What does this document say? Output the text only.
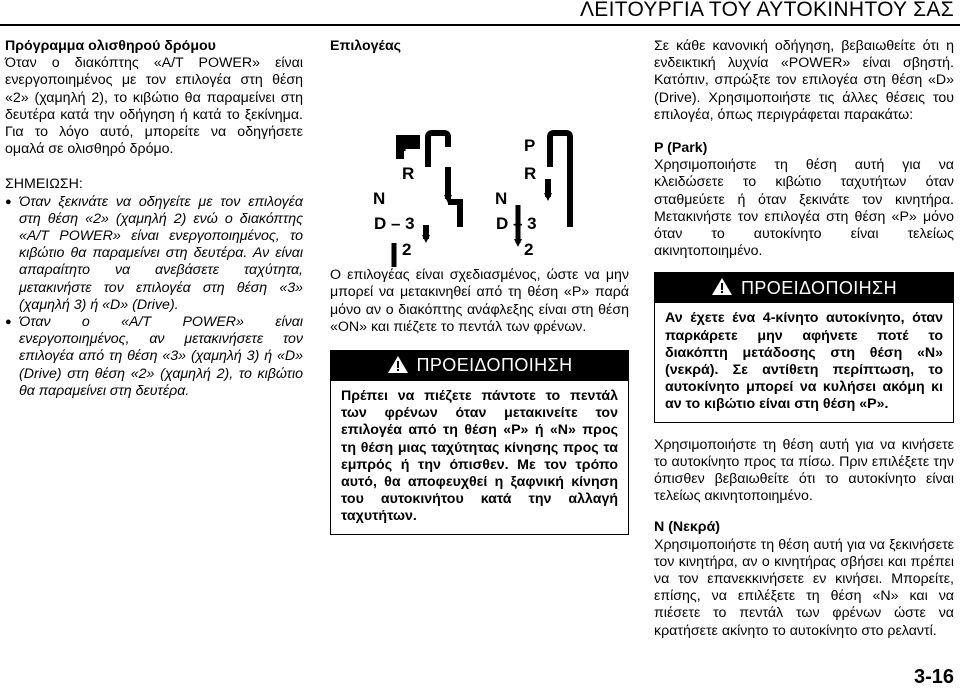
ΛΕΙΤΟΥΡΓΙΑ ΤΟΥ ΑΥΤΟΚΙΝΗΤΟΥ ΣΑΣ

Πρόγραμμα ολισθηρού δρόμου

Όταν ο διακόπτης «A/T POWER» είναι ενεργοποιημένος με τον επιλογέα στη θέση «2» (χαμηλή 2), το κιβώτιο θα παραμείνει στη δευτέρα κατά την οδήγηση ή κατά το ξεκίνημα. Για το λόγο αυτό, μπορείτε να οδηγήσετε ομαλά σε ολισθηρό δρόμο.

ΣΗΜΕΙΩΣΗ:

● Όταν ξεκινάτε να οδηγείτε με τον επιλογέα στη θέση «2» (χαμηλή 2) ενώ ο διακόπτης «A/T POWER» είναι ενεργοποιημένος, το κιβώτιο θα παραμείνει στη δευτέρα. Αν είναι απαραίτητο να ανεβάσετε ταχύτητα, μετακινήστε τον επιλογέα στη θέση «3» (χαμηλή 3) ή «D» (Drive).
● Όταν ο «A/T POWER» είναι ενεργοποιημένος, αν μετακινήσετε τον επιλογέα από τη θέση «3» (χαμηλή 3) ή «D» (Drive) στη θέση «2» (χαμηλή 2), το κιβώτιο θα παραμείνει στη δευτέρα.

Επιλογέας

P
R
N
D – 3
2
P
R
N
D – 3
2

Ο επιλογέας είναι σχεδιασμένος, ώστε να μην μπορεί να μετακινηθεί από τη θέση «P» παρά μόνο αν ο διακόπτης ανάφλεξης είναι στη θέση «ON» και πιέζετε το πεντάλ των φρένων.

ΠΡΟΕΙΔΟΠΟΙΗΣΗ

Πρέπει να πιέζετε πάντοτε το πεντάλ των φρένων όταν μετακινείτε τον επιλογέα από τη θέση «P» ή «N» προς τη θέση μιας ταχύτητας κίνησης προς τα εμπρός ή την όπισθεν. Με τον τρόπο αυτό, θα αποφευχθεί η ξαφνική κίνηση του αυτοκινήτου κατά την αλλαγή ταχυτήτων.

Σε κάθε κανονική οδήγηση, βεβαιωθείτε ότι η ενδεικτική λυχνία «POWER» είναι σβηστή. Κατόπιν, σπρώξτε τον επιλογέα στη θέση «D» (Drive). Χρησιμοποιήστε τις άλλες θέσεις του επιλογέα, όπως περιγράφεται παρακάτω:

P (Park)

Χρησιμοποιήστε τη θέση αυτή για να κλειδώσετε το κιβώτιο ταχυτήτων όταν σταθμεύετε ή όταν ξεκινάτε τον κινητήρα. Μετακινήστε τον επιλογέα στη θέση «P» μόνο όταν το αυτοκίνητο είναι τελείως ακινητοποιημένο.

ΠΡΟΕΙΔΟΠΟΙΗΣΗ

Αν έχετε ένα 4-κίνητο αυτοκίνητο, όταν παρκάρετε μην αφήνετε ποτέ το διακόπτη μετάδοσης στη θέση «N» (νεκρά). Σε αντίθετη περίπτωση, το αυτοκίνητο μπορεί να κυλήσει ακόμη κι αν το κιβώτιο είναι στη θέση «P».

Χρησιμοποιήστε τη θέση αυτή για να κινήσετε το αυτοκίνητο προς τα πίσω. Πριν επιλέξετε την όπισθεν βεβαιωθείτε ότι το αυτοκίνητο είναι τελείως ακινητοποιημένο.

N (Νεκρά)

Χρησιμοποιήστε τη θέση αυτή για να ξεκινήσετε τον κινητήρα, αν ο κινητήρας σβήσει και πρέπει να τον επανεκκινήσετε εν κινήσει. Μπορείτε, επίσης, να επιλέξετε τη θέση «N» και να πιέσετε το πεντάλ των φρένων ώστε να κρατήσετε ακίνητο το αυτοκίνητο στο ρελαντί.

3-16
